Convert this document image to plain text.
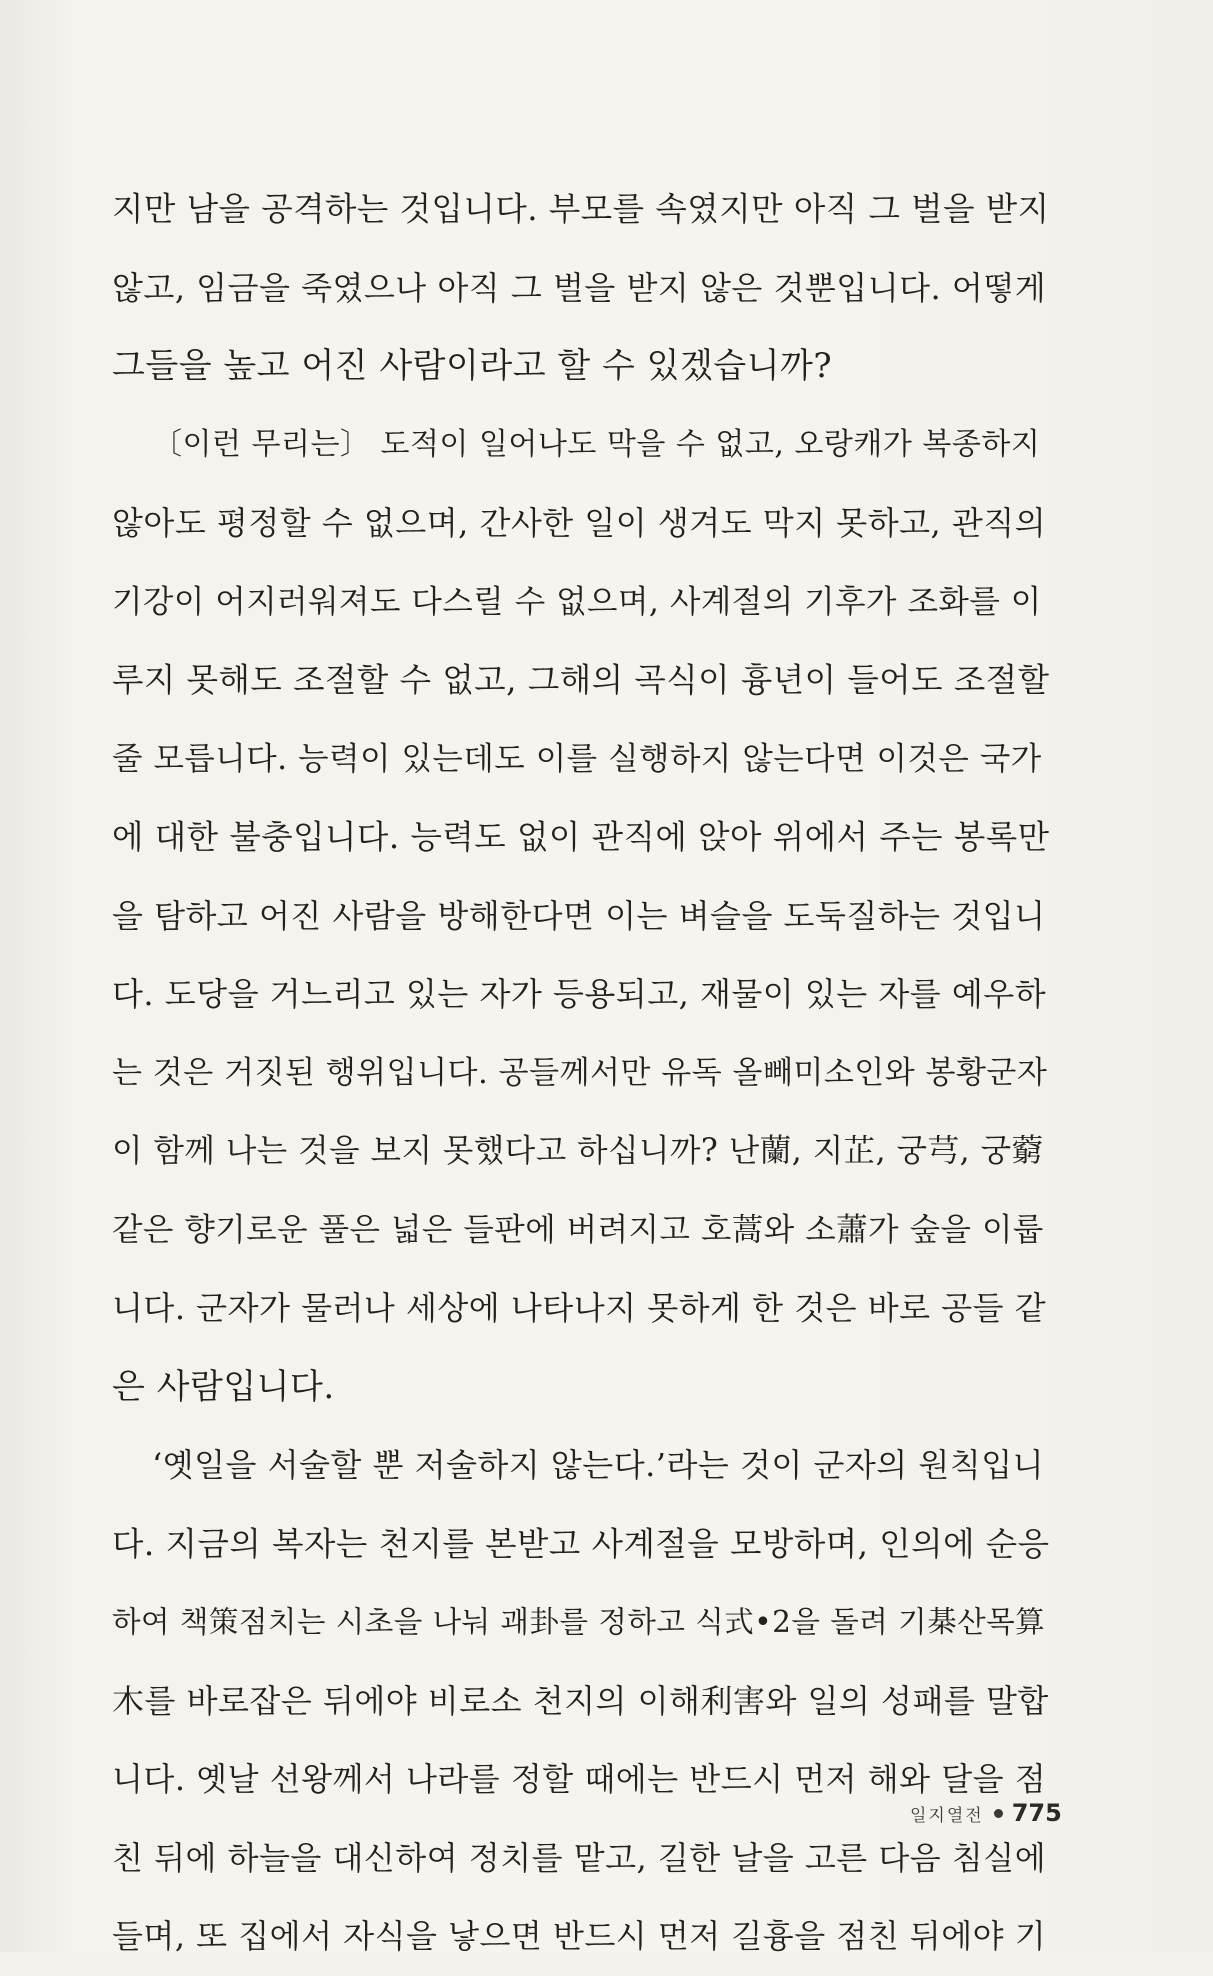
지만 남을 공격하는 것입니다. 부모를 속였지만 아직 그 벌을 받지
않고, 임금을 죽였으나 아직 그 벌을 받지 않은 것뿐입니다. 어떻게
그들을 높고 어진 사람이라고 할 수 있겠습니까?
〔이런 무리는〕 도적이 일어나도 막을 수 없고, 오랑캐가 복종하지
않아도 평정할 수 없으며, 간사한 일이 생겨도 막지 못하고, 관직의
기강이 어지러워져도 다스릴 수 없으며, 사계절의 기후가 조화를 이
루지 못해도 조절할 수 없고, 그해의 곡식이 흉년이 들어도 조절할
줄 모릅니다. 능력이 있는데도 이를 실행하지 않는다면 이것은 국가
에 대한 불충입니다. 능력도 없이 관직에 앉아 위에서 주는 봉록만
을 탐하고 어진 사람을 방해한다면 이는 벼슬을 도둑질하는 것입니
다. 도당을 거느리고 있는 자가 등용되고, 재물이 있는 자를 예우하
는 것은 거짓된 행위입니다. 공들께서만 유독 올빼미소인와 봉황군자
이 함께 나는 것을 보지 못했다고 하십니까? 난蘭, 지芷, 궁芎, 궁藭
같은 향기로운 풀은 넓은 들판에 버려지고 호蒿와 소蕭가 숲을 이룹
니다. 군자가 물러나 세상에 나타나지 못하게 한 것은 바로 공들 같
은 사람입니다.
‘옛일을 서술할 뿐 저술하지 않는다.’라는 것이 군자의 원칙입니
다. 지금의 복자는 천지를 본받고 사계절을 모방하며, 인의에 순응
하여 책策점치는 시초을 나눠 괘卦를 정하고 식式•2을 돌려 기棊산목算
木를 바로잡은 뒤에야 비로소 천지의 이해利害와 일의 성패를 말합
니다. 옛날 선왕께서 나라를 정할 때에는 반드시 먼저 해와 달을 점
친 뒤에 하늘을 대신하여 정치를 맡고, 길한 날을 고른 다음 침실에
들며, 또 집에서 자식을 낳으면 반드시 먼저 길흉을 점친 뒤에야 기
일지열전 775
